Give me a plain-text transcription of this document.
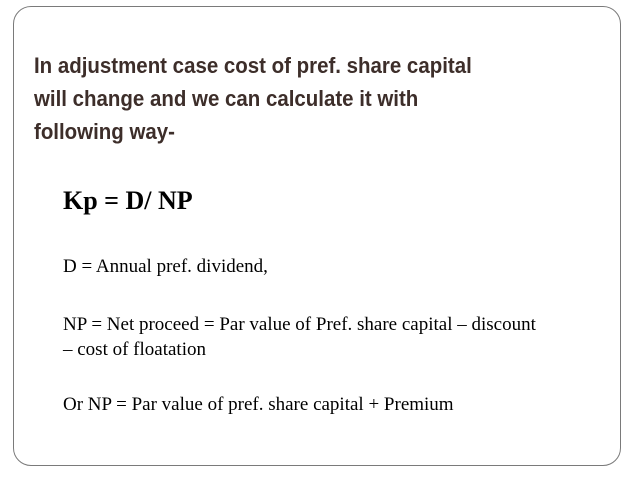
In adjustment case cost of pref. share capital
will change and we can calculate it with
following way-
Kp = D/ NP
D = Annual pref. dividend,
NP = Net proceed = Par value of Pref. share capital – discount
– cost of floatation
Or NP = Par value of pref. share capital + Premium
